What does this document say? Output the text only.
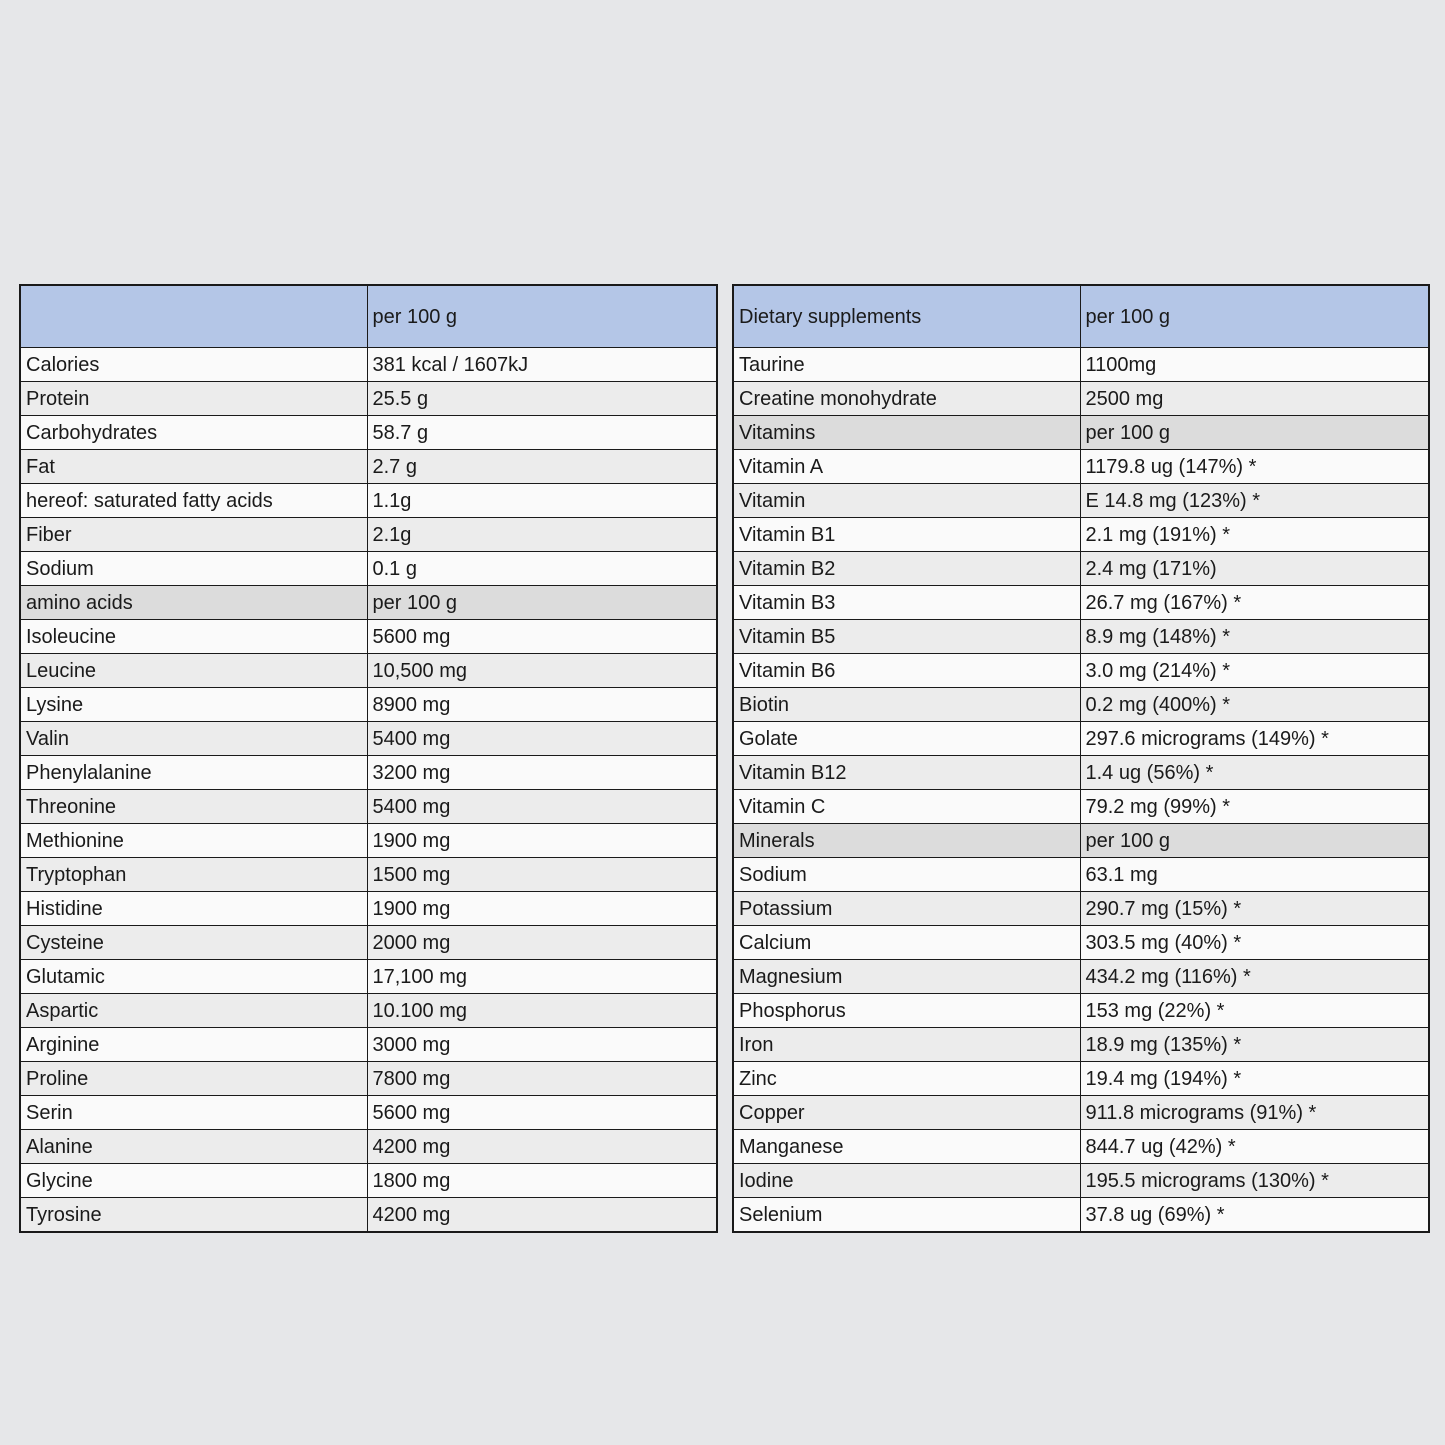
	per 100 g
Calories	381 kcal / 1607kJ
Protein	25.5 g
Carbohydrates	58.7 g
Fat	2.7 g
hereof: saturated fatty acids	1.1g
Fiber	2.1g
Sodium	0.1 g
amino acids	per 100 g
Isoleucine	5600 mg
Leucine	10,500 mg
Lysine	8900 mg
Valin	5400 mg
Phenylalanine	3200 mg
Threonine	5400 mg
Methionine	1900 mg
Tryptophan	1500 mg
Histidine	1900 mg
Cysteine	2000 mg
Glutamic	17,100 mg
Aspartic	10.100 mg
Arginine	3000 mg
Proline	7800 mg
Serin	5600 mg
Alanine	4200 mg
Glycine	1800 mg
Tyrosine	4200 mg
Dietary supplements	per 100 g
Taurine	1100mg
Creatine monohydrate	2500 mg
Vitamins	per 100 g
Vitamin A	1179.8 ug (147%) *
Vitamin	E 14.8 mg (123%) *
Vitamin B1	2.1 mg (191%) *
Vitamin B2	2.4 mg (171%)
Vitamin B3	26.7 mg (167%) *
Vitamin B5	8.9 mg (148%) *
Vitamin B6	3.0 mg (214%) *
Biotin	0.2 mg (400%) *
Golate	297.6 micrograms (149%) *
Vitamin B12	1.4 ug (56%) *
Vitamin C	79.2 mg (99%) *
Minerals	per 100 g
Sodium	63.1 mg
Potassium	290.7 mg (15%) *
Calcium	303.5 mg (40%) *
Magnesium	434.2 mg (116%) *
Phosphorus	153 mg (22%) *
Iron	18.9 mg (135%) *
Zinc	19.4 mg (194%) *
Copper	911.8 micrograms (91%) *
Manganese	844.7 ug (42%) *
Iodine	195.5 micrograms (130%) *
Selenium	37.8 ug (69%) *
